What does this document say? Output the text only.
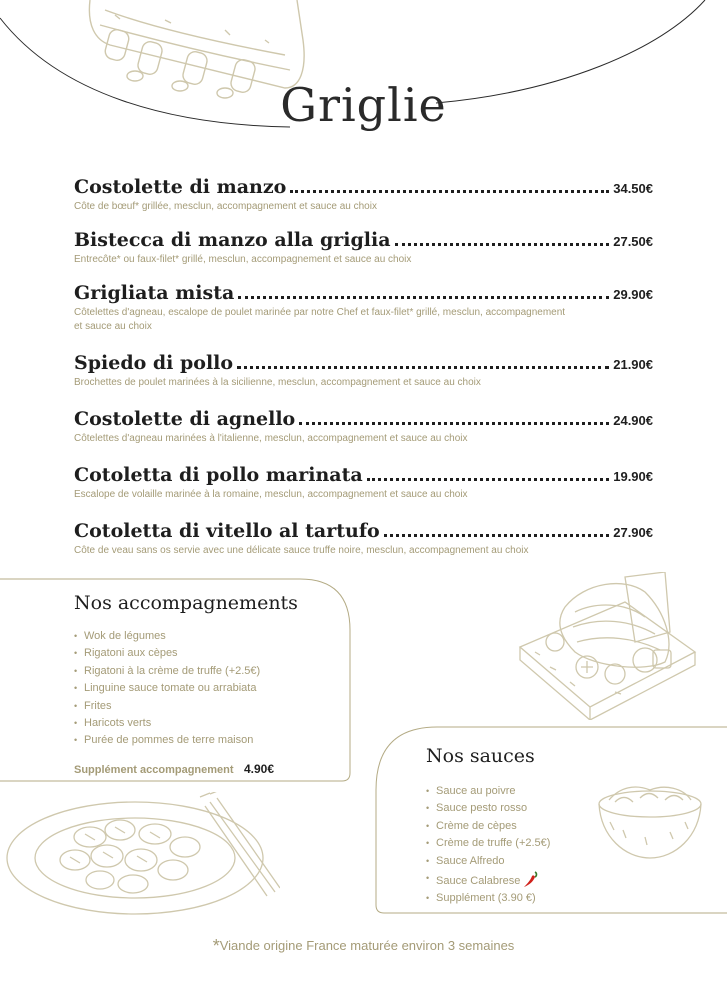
Griglie
Costolette di manzo	34.50€
Côte de bœuf* grillée, mesclun, accompagnement et sauce au choix
Bistecca di manzo alla griglia	27.50€
Entrecôte* ou faux-filet* grillé, mesclun, accompagnement et sauce au choix
Grigliata mista	29.90€
Côtelettes d'agneau, escalope de poulet marinée par notre Chef et faux-filet* grillé, mesclun, accompagnement et sauce au choix
Spiedo di pollo	21.90€
Brochettes de poulet marinées à la sicilienne, mesclun, accompagnement et sauce au choix
Costolette di agnello	24.90€
Côtelettes d'agneau marinées à l'italienne, mesclun, accompagnement et sauce au choix
Cotoletta di pollo marinata	19.90€
Escalope de volaille marinée à la romaine, mesclun, accompagnement et sauce au choix
Cotoletta di vitello al tartufo	27.90€
Côte de veau sans os servie avec une délicate sauce truffe noire, mesclun, accompagnement au choix
Nos accompagnements
• Wok de légumes
• Rigatoni aux cèpes
• Rigatoni à la crème de truffe (+2.5€)
• Linguine sauce tomate ou arrabiata
• Frites
• Haricots verts
• Purée de pommes de terre maison
Supplément accompagnement 4.90€
Nos sauces
• Sauce au poivre
• Sauce pesto rosso
• Crème de cèpes
• Crème de truffe (+2.5€)
• Sauce Alfredo
• Sauce Calabrese
• Supplément (3.90 €)
*Viande origine France maturée environ 3 semaines
